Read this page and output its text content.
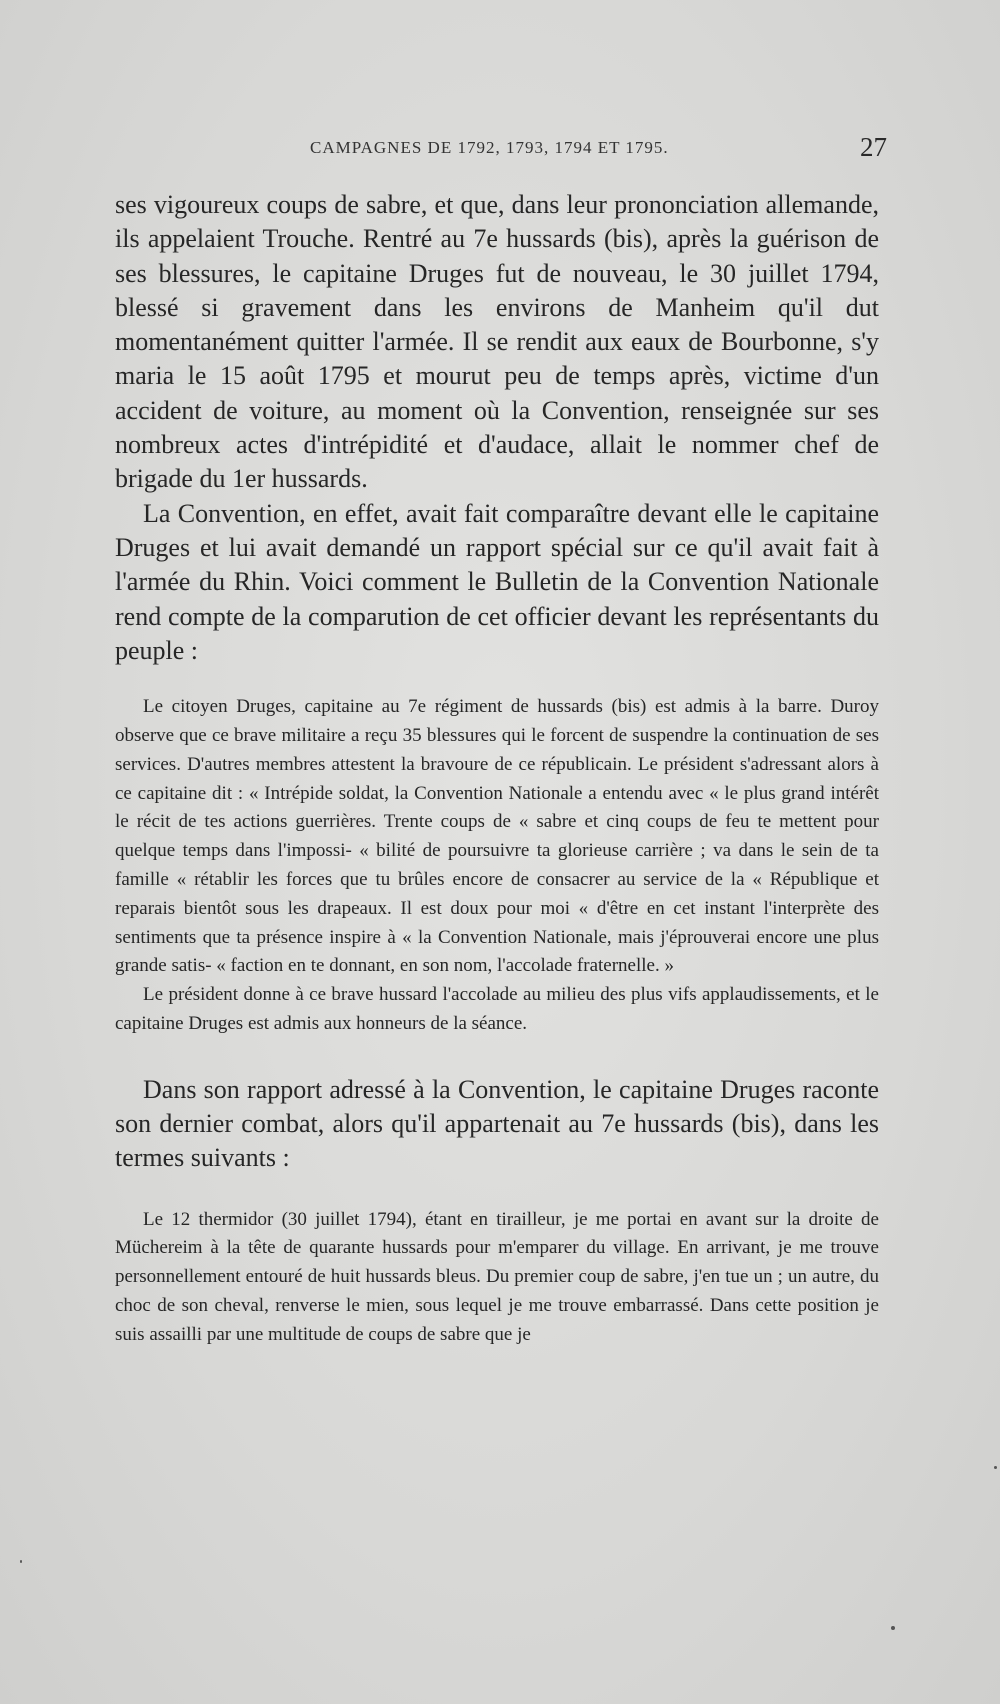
CAMPAGNES DE 1792, 1793, 1794 ET 1795.	27

ses vigoureux coups de sabre, et que, dans leur prononciation allemande, ils appelaient Trouche. Rentré au 7e hussards (bis), après la guérison de ses blessures, le capitaine Druges fut de nouveau, le 30 juillet 1794, blessé si gravement dans les environs de Manheim qu'il dut momentanément quitter l'armée. Il se rendit aux eaux de Bourbonne, s'y maria le 15 août 1795 et mourut peu de temps après, victime d'un accident de voiture, au moment où la Convention, renseignée sur ses nombreux actes d'intrépidité et d'audace, allait le nommer chef de brigade du 1er hussards.

La Convention, en effet, avait fait comparaître devant elle le capitaine Druges et lui avait demandé un rapport spécial sur ce qu'il avait fait à l'armée du Rhin. Voici comment le Bulletin de la Convention Nationale rend compte de la comparution de cet officier devant les représentants du peuple :

Le citoyen Druges, capitaine au 7e régiment de hussards (bis) est admis à la barre. Duroy observe que ce brave militaire a reçu 35 blessures qui le forcent de suspendre la continuation de ses services. D'autres membres attestent la bravoure de ce républicain. Le président s'adressant alors à ce capitaine dit : « Intrépide soldat, la Convention Nationale a entendu avec « le plus grand intérêt le récit de tes actions guerrières. Trente coups de « sabre et cinq coups de feu te mettent pour quelque temps dans l'impossi- « bilité de poursuivre ta glorieuse carrière ; va dans le sein de ta famille « rétablir les forces que tu brûles encore de consacrer au service de la « République et reparais bientôt sous les drapeaux. Il est doux pour moi « d'être en cet instant l'interprète des sentiments que ta présence inspire à « la Convention Nationale, mais j'éprouverai encore une plus grande satis- « faction en te donnant, en son nom, l'accolade fraternelle. »

Le président donne à ce brave hussard l'accolade au milieu des plus vifs applaudissements, et le capitaine Druges est admis aux honneurs de la séance.

Dans son rapport adressé à la Convention, le capitaine Druges raconte son dernier combat, alors qu'il appartenait au 7e hussards (bis), dans les termes suivants :

Le 12 thermidor (30 juillet 1794), étant en tirailleur, je me portai en avant sur la droite de Müchereim à la tête de quarante hussards pour m'emparer du village. En arrivant, je me trouve personnellement entouré de huit hussards bleus. Du premier coup de sabre, j'en tue un ; un autre, du choc de son cheval, renverse le mien, sous lequel je me trouve embarrassé. Dans cette position je suis assailli par une multitude de coups de sabre que je
